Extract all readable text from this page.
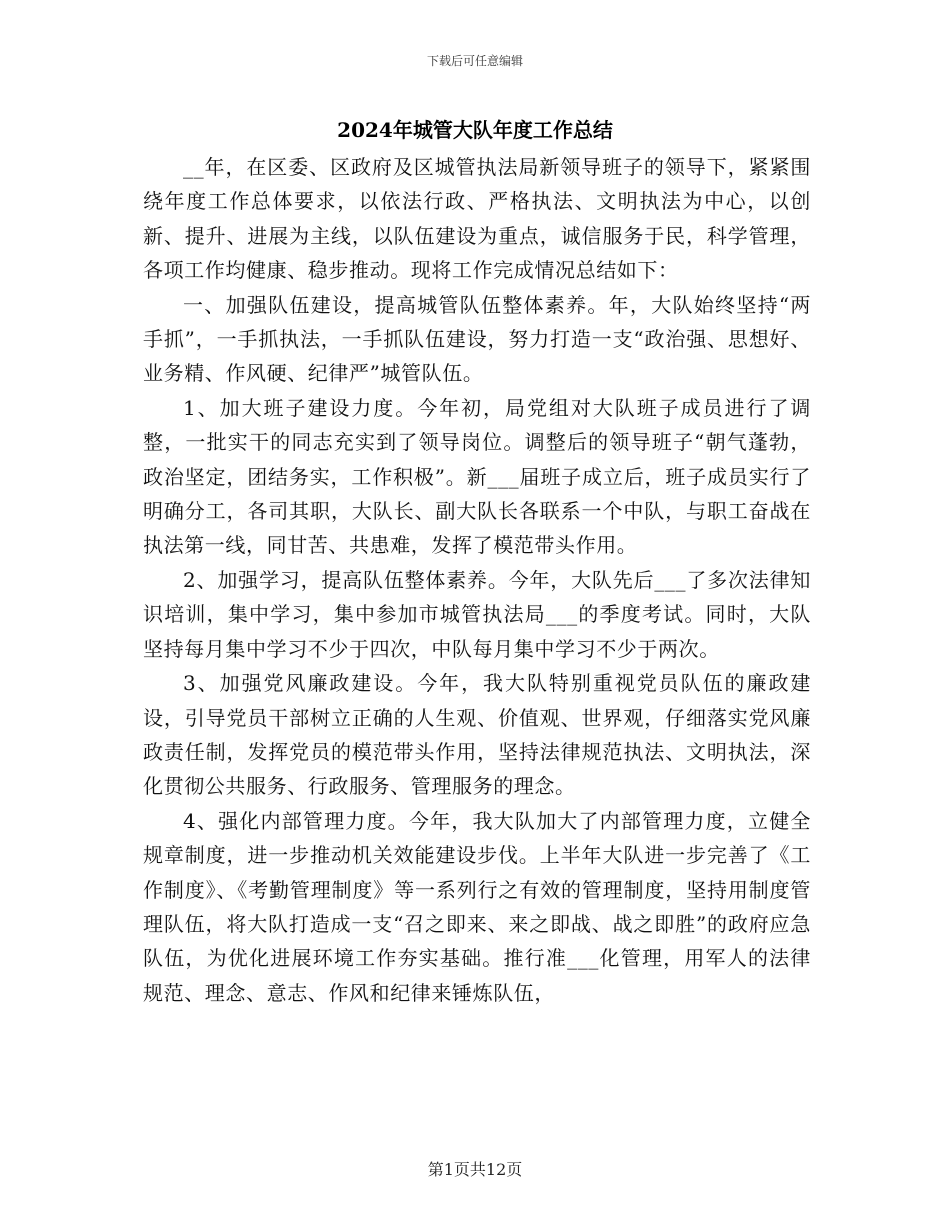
下载后可任意编辑
2024年城管大队年度工作总结

__年，在区委、区政府及区城管执法局新领导班子的领导下，紧紧围绕年度工作总体要求，以依法行政、严格执法、文明执法为中心，以创新、提升、进展为主线，以队伍建设为重点，诚信服务于民，科学管理，各项工作均健康、稳步推动。现将工作完成情况总结如下：

一、加强队伍建设，提高城管队伍整体素养。年，大队始终坚持“两手抓”，一手抓执法，一手抓队伍建设，努力打造一支“政治强、思想好、业务精、作风硬、纪律严”城管队伍。

1、加大班子建设力度。今年初，局党组对大队班子成员进行了调整，一批实干的同志充实到了领导岗位。调整后的领导班子“朝气蓬勃，政治坚定，团结务实，工作积极”。新___届班子成立后，班子成员实行了明确分工，各司其职，大队长、副大队长各联系一个中队，与职工奋战在执法第一线，同甘苦、共患难，发挥了模范带头作用。

2、加强学习，提高队伍整体素养。今年，大队先后___了多次法律知识培训，集中学习，集中参加市城管执法局___的季度考试。同时，大队坚持每月集中学习不少于四次，中队每月集中学习不少于两次。

3、加强党风廉政建设。今年，我大队特别重视党员队伍的廉政建设，引导党员干部树立正确的人生观、价值观、世界观，仔细落实党风廉政责任制，发挥党员的模范带头作用，坚持法律规范执法、文明执法，深化贯彻公共服务、行政服务、管理服务的理念。

4、强化内部管理力度。今年，我大队加大了内部管理力度，立健全规章制度，进一步推动机关效能建设步伐。上半年大队进一步完善了《工作制度》、《考勤管理制度》等一系列行之有效的管理制度，坚持用制度管理队伍，将大队打造成一支“召之即来、来之即战、战之即胜”的政府应急队伍，为优化进展环境工作夯实基础。推行准___化管理，用军人的法律规范、理念、意志、作风和纪律来锤炼队伍，

第1页共12页
